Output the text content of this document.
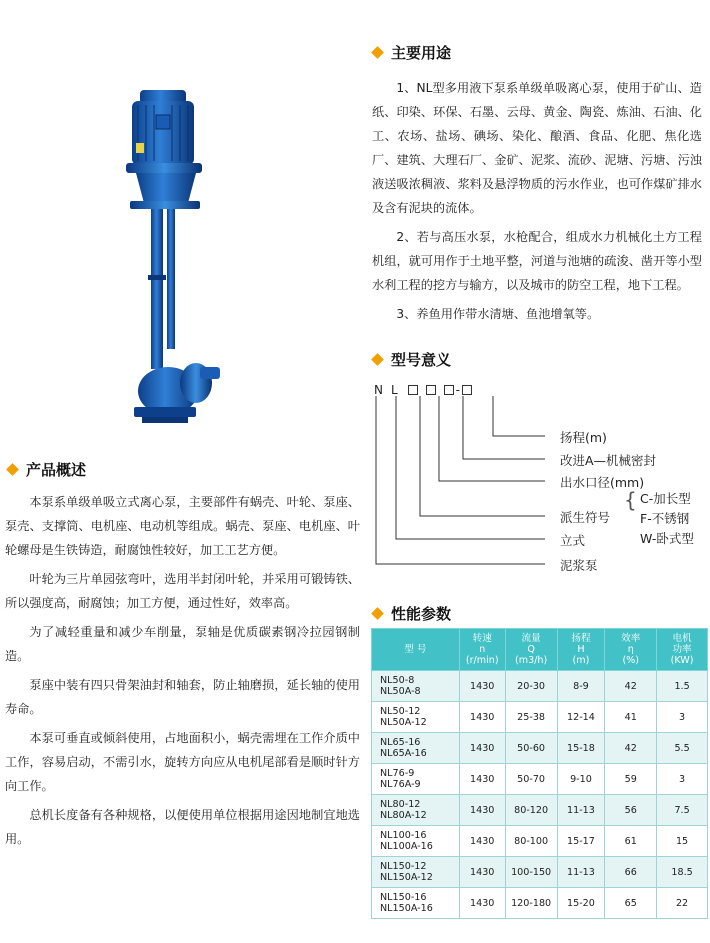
主要用途

1、NL型多用液下泵系单级单吸离心泵，使用于矿山、造纸、印染、环保、石墨、云母、黄金、陶瓷、炼油、石油、化工、农场、盐场、碘场、染化、酿酒、食品、化肥、焦化选厂、建筑、大理石厂、金矿、泥浆、流砂、泥塘、污塘、污浊液送吸浓稠液、浆料及悬浮物质的污水作业，也可作煤矿排水及含有泥块的流体。

2、若与高压水泵，水枪配合，组成水力机械化土方工程机组，就可用作于土地平整，河道与池塘的疏浚、凿开等小型水利工程的挖方与输方，以及城市的防空工程，地下工程。

3、养鱼用作带水清塘、鱼池增氧等。

型号意义
N L	-
扬程(m)
改进A—机械密封
出水口径(mm)
派生符号
{ C-加长型
F-不锈钢
W-卧式型
立式
泥浆泵
性能参数
型 号	转速
n
(r/min)	流量
Q
(m3/h)	扬程
H
(m)	效率
η
(%)	电机
功率
(KW)

NL50-8
NL50A-8	1430	20-30	8-9	42	1.5

NL50-12
NL50A-12	1430	25-38	12-14	41	3

NL65-16
NL65A-16	1430	50-60	15-18	42	5.5

NL76-9
NL76A-9	1430	50-70	9-10	59	3

NL80-12
NL80A-12	1430	80-120	11-13	56	7.5

NL100-16
NL100A-16	1430	80-100	15-17	61	15

NL150-12
NL150A-12	1430	100-150	11-13	66	18.5

NL150-16
NL150A-16	1430	120-180	15-20	65	22
产品概述

本泵系单级单吸立式离心泵，主要部件有蜗壳、叶轮、泵座、泵壳、支撑筒、电机座、电动机等组成。蜗壳、泵座、电机座、叶轮螺母是生铁铸造，耐腐蚀性较好，加工工艺方便。

叶轮为三片单园弦弯叶，选用半封闭叶轮，并采用可锻铸铁、所以强度高，耐腐蚀；加工方便，通过性好，效率高。

为了减轻重量和减少车削量，泵轴是优质碳素钢冷拉园钢制造。

泵座中装有四只骨架油封和轴套，防止轴磨损，延长轴的使用寿命。

本泵可垂直或倾斜使用，占地面积小，蜗壳需埋在工作介质中工作，容易启动，不需引水，旋转方向应从电机尾部看是顺时针方向工作。

总机长度备有各种规格，以便使用单位根据用途因地制宜地选用。
